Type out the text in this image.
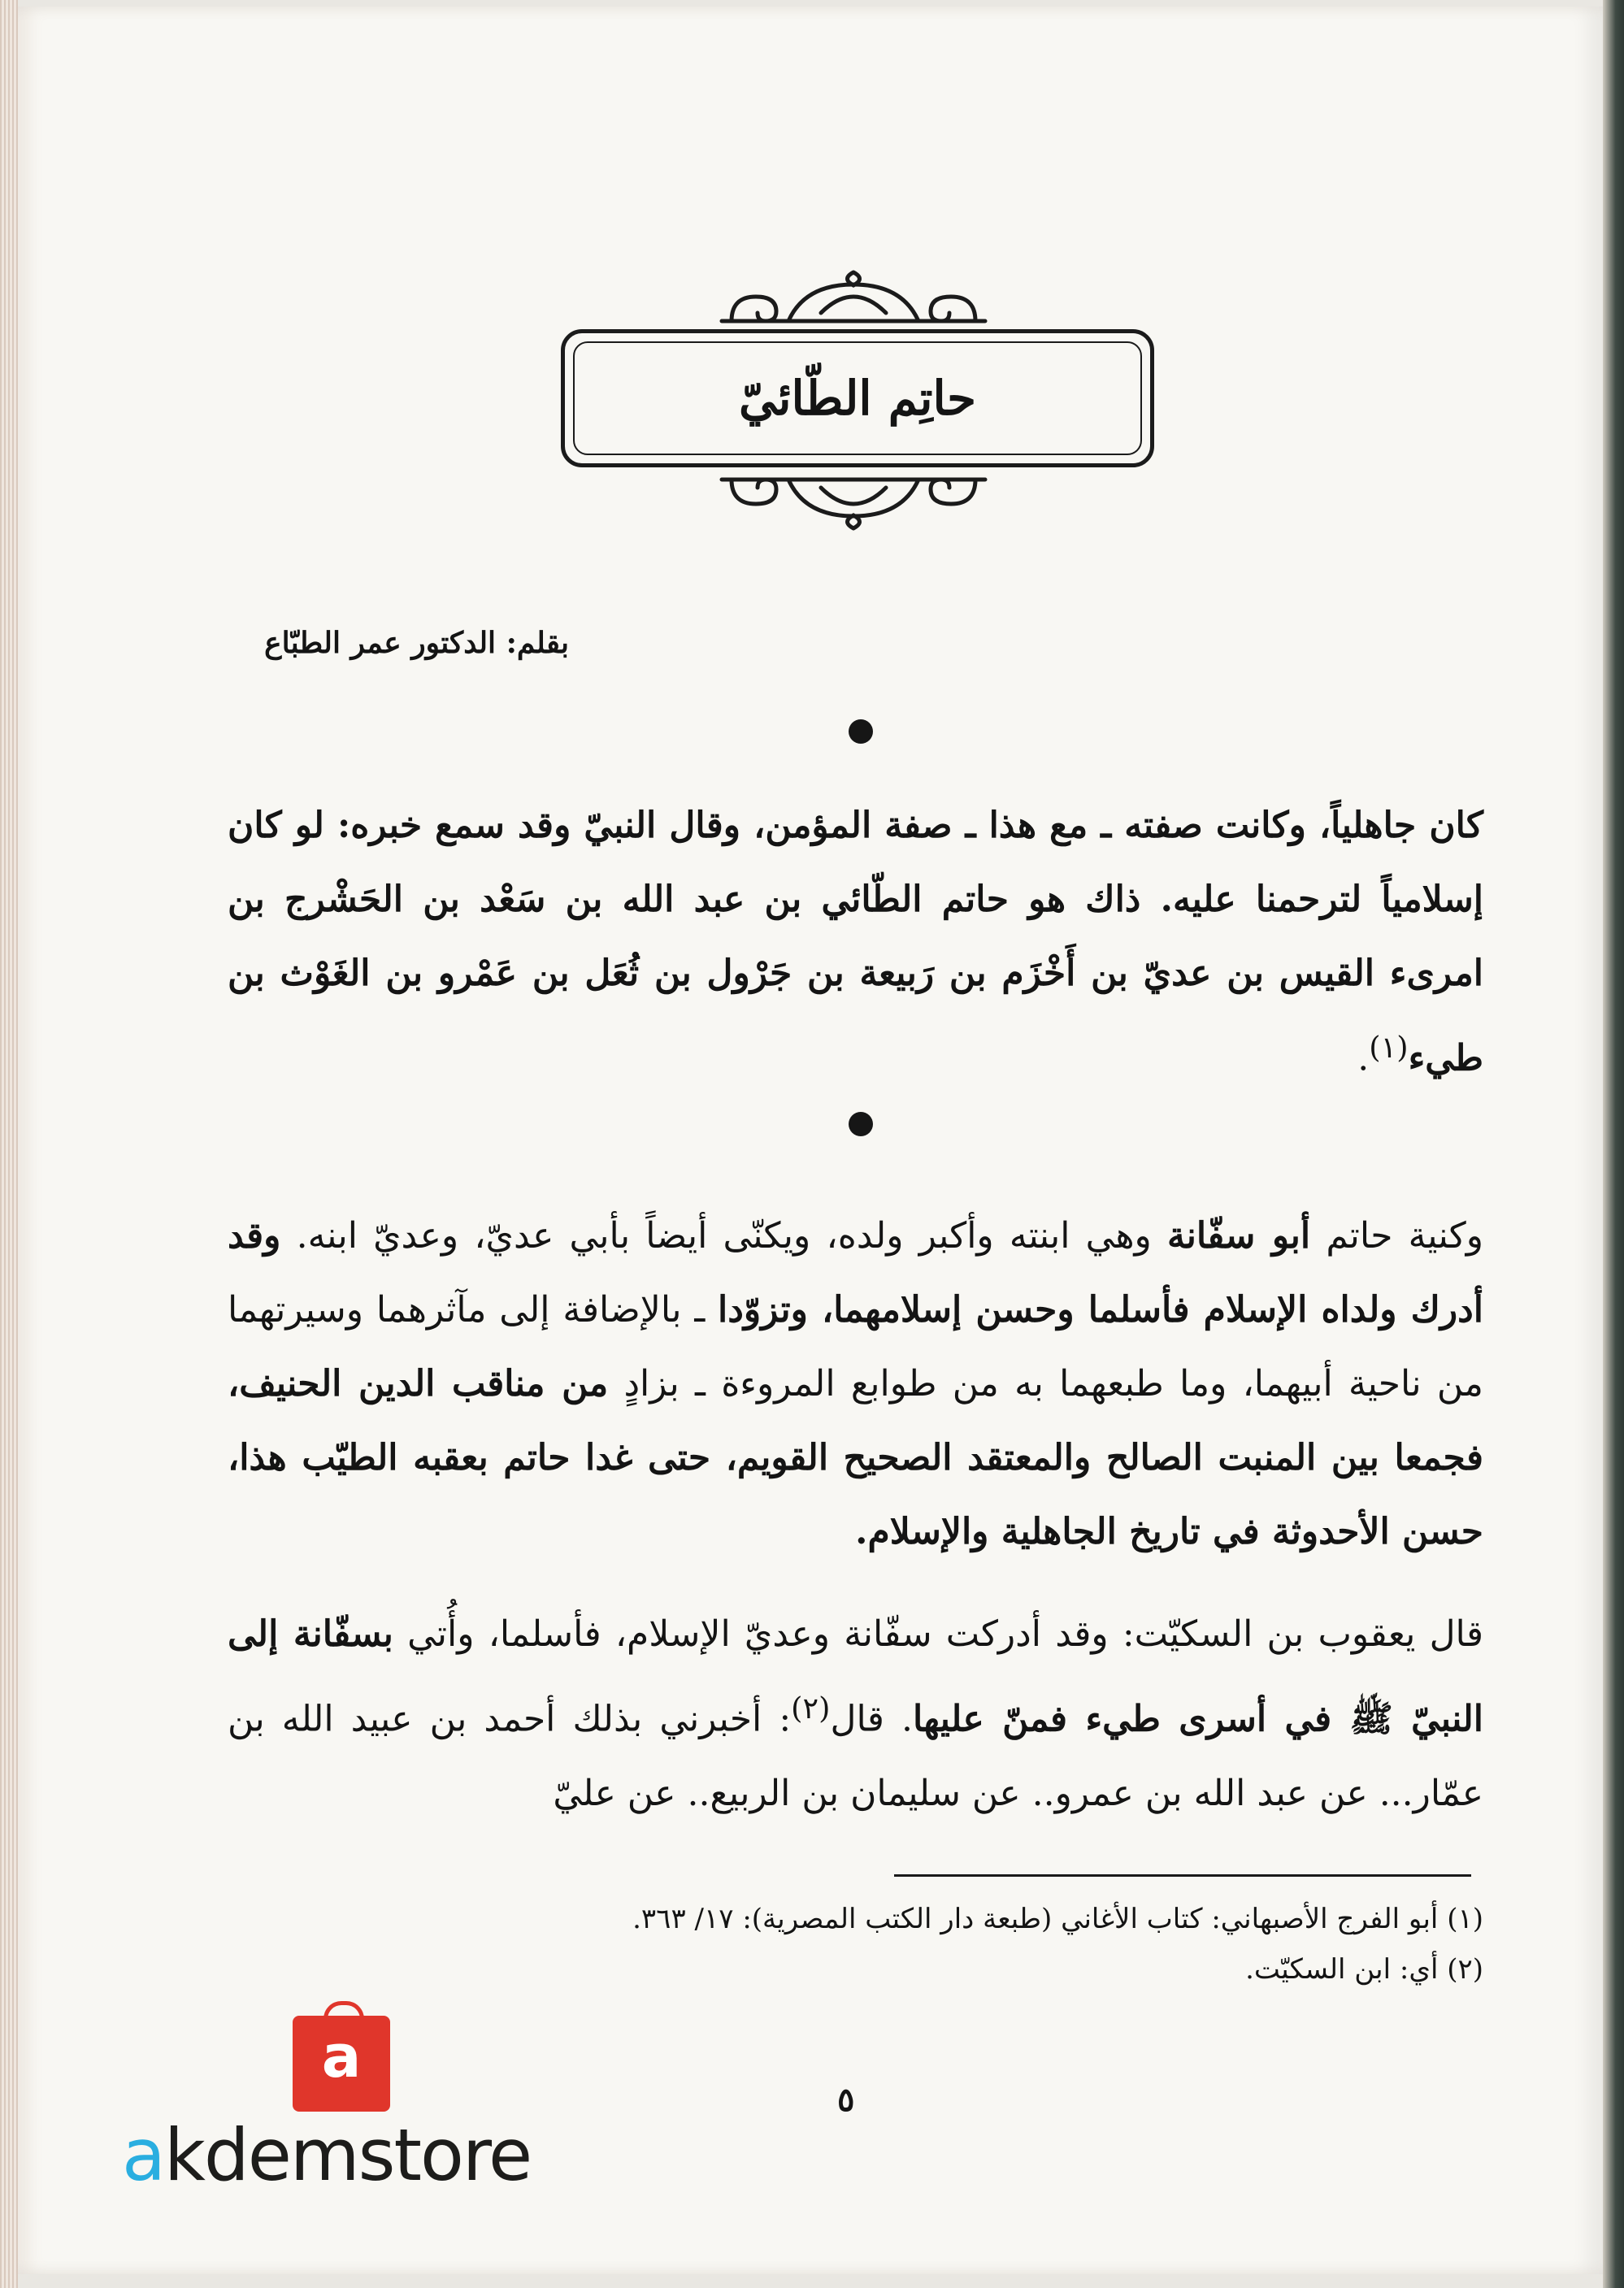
حاتِم الطّائيّ
بقلم: الدكتور عمر الطبّاع
كان جاهلياً، وكانت صفته ـ مع هذا ـ صفة المؤمن، وقال النبيّ وقد سمع خبره: لو كان إسلامياً لترحمنا عليه. ذاك هو حاتم الطّائي بن عبد الله بن سَعْد بن الحَشْرج بن امرىء القيس بن عديّ بن أَخْزَم بن رَبيعة بن جَرْول بن ثُعَل بن عَمْرو بن الغَوْث بن طيء$^{(١)}$.
وكنية حاتم أبو سفّانة وهي ابنته وأكبر ولده، ويكنّى أيضاً بأبي عديّ، وعديّ ابنه. وقد أدرك ولداه الإسلام فأسلما وحسن إسلامهما، وتزوّدا ـ بالإضافة إلى مآثرهما وسيرتهما من ناحية أبيهما، وما طبعهما به من طوابع المروءة ـ بزادٍ من مناقب الدين الحنيف، فجمعا بين المنبت الصالح والمعتقد الصحيح القويم، حتى غدا حاتم بعقبه الطيّب هذا، حسن الأحدوثة في تاريخ الجاهلية والإسلام.
قال يعقوب بن السكيّت: وقد أدركت سفّانة وعديّ الإسلام، فأسلما، وأُتي بسفّانة إلى النبيّ ﷺ في أسرى طيء فمنّ عليها. قال$^{(٢)}$: أخبرني بذلك أحمد بن عبيد الله بن عمّار... عن عبد الله بن عمرو.. عن سليمان بن الربيع.. عن عليّ
(١) أبو الفرج الأصبهاني: كتاب الأغاني (طبعة دار الكتب المصرية): ١٧/ ٣٦٣.
(٢) أي: ابن السكيّت.
٥
a
akdemstore
